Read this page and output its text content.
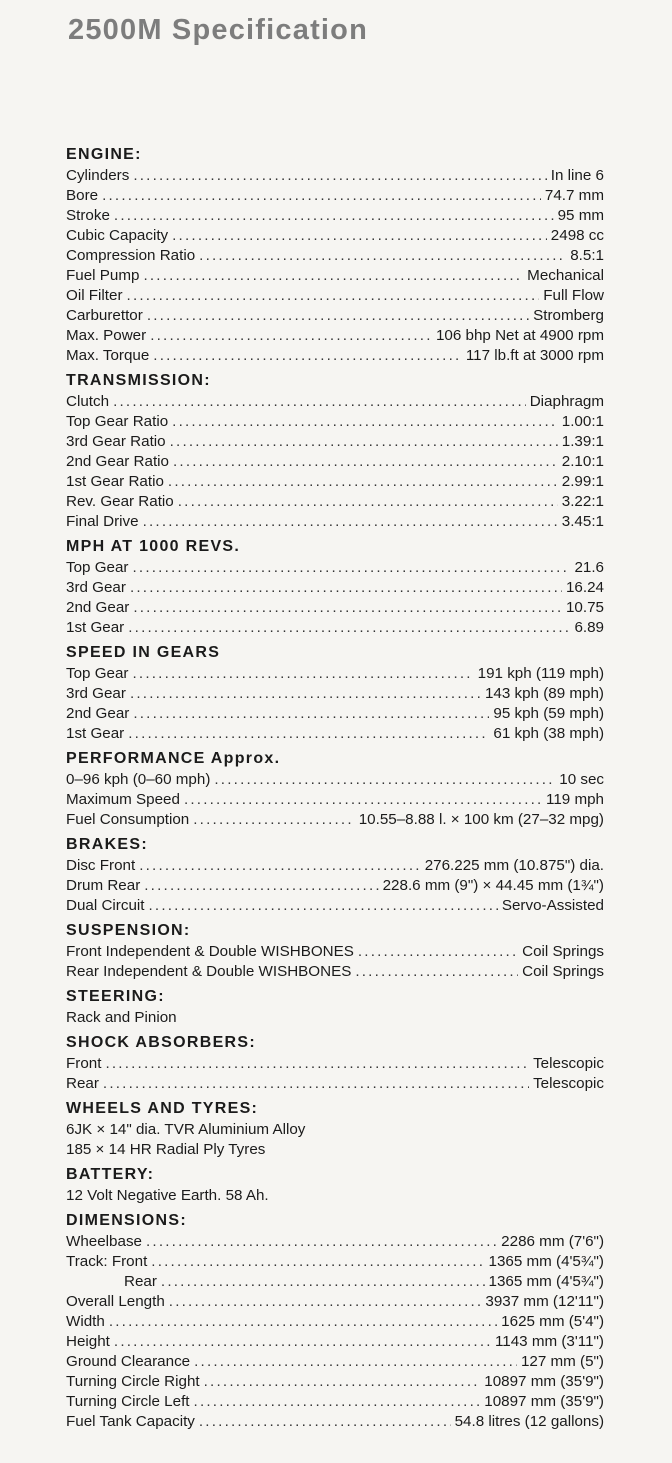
2500M Specification
ENGINE:
Cylinders .....	In line 6
Bore .....	74.7 mm
Stroke .....	95 mm
Cubic Capacity .....	2498 cc
Compression Ratio .....	8.5:1
Fuel Pump .....	Mechanical
Oil Filter .....	Full Flow
Carburettor .....	Stromberg
Max. Power .....	106 bhp Net at 4900 rpm
Max. Torque .....	117 lb.ft at 3000 rpm
TRANSMISSION:
Clutch .....	Diaphragm
Top Gear Ratio .....	1.00:1
3rd Gear Ratio .....	1.39:1
2nd Gear Ratio .....	2.10:1
1st Gear Ratio .....	2.99:1
Rev. Gear Ratio .....	3.22:1
Final Drive .....	3.45:1
MPH AT 1000 REVS.
Top Gear .....	21.6
3rd Gear .....	16.24
2nd Gear .....	10.75
1st Gear .....	6.89
SPEED IN GEARS
Top Gear .....	191 kph (119 mph)
3rd Gear .....	143 kph (89 mph)
2nd Gear .....	95 kph (59 mph)
1st Gear .....	61 kph (38 mph)
PERFORMANCE Approx.
0–96 kph (0–60 mph) .....	10 sec
Maximum Speed .....	119 mph
Fuel Consumption .....	10.55–8.88 l. × 100 km (27–32 mpg)
BRAKES:
Disc Front .....	276.225 mm (10.875") dia.
Drum Rear .....	228.6 mm (9") × 44.45 mm (1¾")
Dual Circuit .....	Servo-Assisted
SUSPENSION:
Front Independent & Double WISHBONES .....	Coil Springs
Rear Independent & Double WISHBONES .....	Coil Springs
STEERING:
Rack and Pinion
SHOCK ABSORBERS:
Front .....	Telescopic
Rear .....	Telescopic
WHEELS AND TYRES:
6JK × 14" dia. TVR Aluminium Alloy
185 × 14 HR Radial Ply Tyres
BATTERY:
12 Volt Negative Earth. 58 Ah.
DIMENSIONS:
Wheelbase .....	2286 mm (7'6")
Track: Front .....	1365 mm (4'5¾")
Rear .....	1365 mm (4'5¾")
Overall Length .....	3937 mm (12'11")
Width .....	1625 mm (5'4")
Height .....	1143 mm (3'11")
Ground Clearance .....	127 mm (5")
Turning Circle Right .....	10897 mm (35'9")
Turning Circle Left .....	10897 mm (35'9")
Fuel Tank Capacity .....	54.8 litres (12 gallons)
